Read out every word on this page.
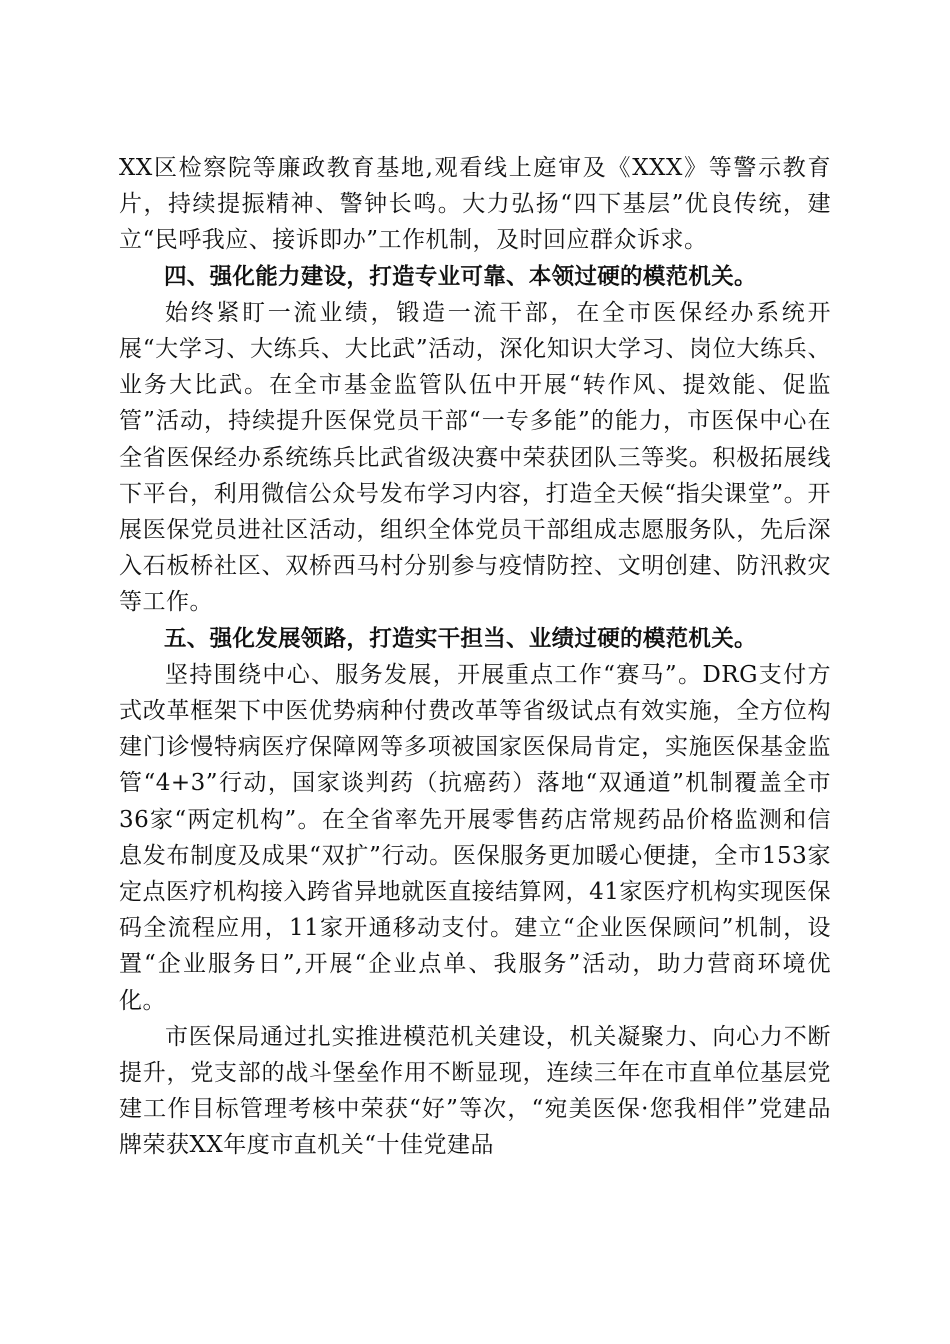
XX区检察院等廉政教育基地,观看线上庭审及《XXX》等警示教育片，持续提振精神、警钟长鸣。大力弘扬“四下基层”优良传统，建立“民呼我应、接诉即办”工作机制，及时回应群众诉求。

四、强化能力建设，打造专业可靠、本领过硬的模范机关。

始终紧盯一流业绩，锻造一流干部，在全市医保经办系统开展“大学习、大练兵、大比武”活动，深化知识大学习、岗位大练兵、业务大比武。在全市基金监管队伍中开展“转作风、提效能、促监管”活动，持续提升医保党员干部“一专多能”的能力，市医保中心在全省医保经办系统练兵比武省级决赛中荣获团队三等奖。积极拓展线下平台，利用微信公众号发布学习内容，打造全天候“指尖课堂”。开展医保党员进社区活动，组织全体党员干部组成志愿服务队，先后深入石板桥社区、双桥西马村分别参与疫情防控、文明创建、防汛救灾等工作。

五、强化发展领路，打造实干担当、业绩过硬的模范机关。

坚持围绕中心、服务发展，开展重点工作“赛马”。DRG支付方式改革框架下中医优势病种付费改革等省级试点有效实施，全方位构建门诊慢特病医疗保障网等多项被国家医保局肯定，实施医保基金监管“4+3”行动，国家谈判药（抗癌药）落地“双通道”机制覆盖全市36家“两定机构”。在全省率先开展零售药店常规药品价格监测和信息发布制度及成果“双扩”行动。医保服务更加暖心便捷，全市153家定点医疗机构接入跨省异地就医直接结算网，41家医疗机构实现医保码全流程应用，11家开通移动支付。建立“企业医保顾问”机制，设置“企业服务日”,开展“企业点单、我服务”活动，助力营商环境优化。

市医保局通过扎实推进模范机关建设，机关凝聚力、向心力不断提升，党支部的战斗堡垒作用不断显现，连续三年在市直单位基层党建工作目标管理考核中荣获“好”等次，“宛美医保·您我相伴”党建品牌荣获XX年度市直机关“十佳党建品
